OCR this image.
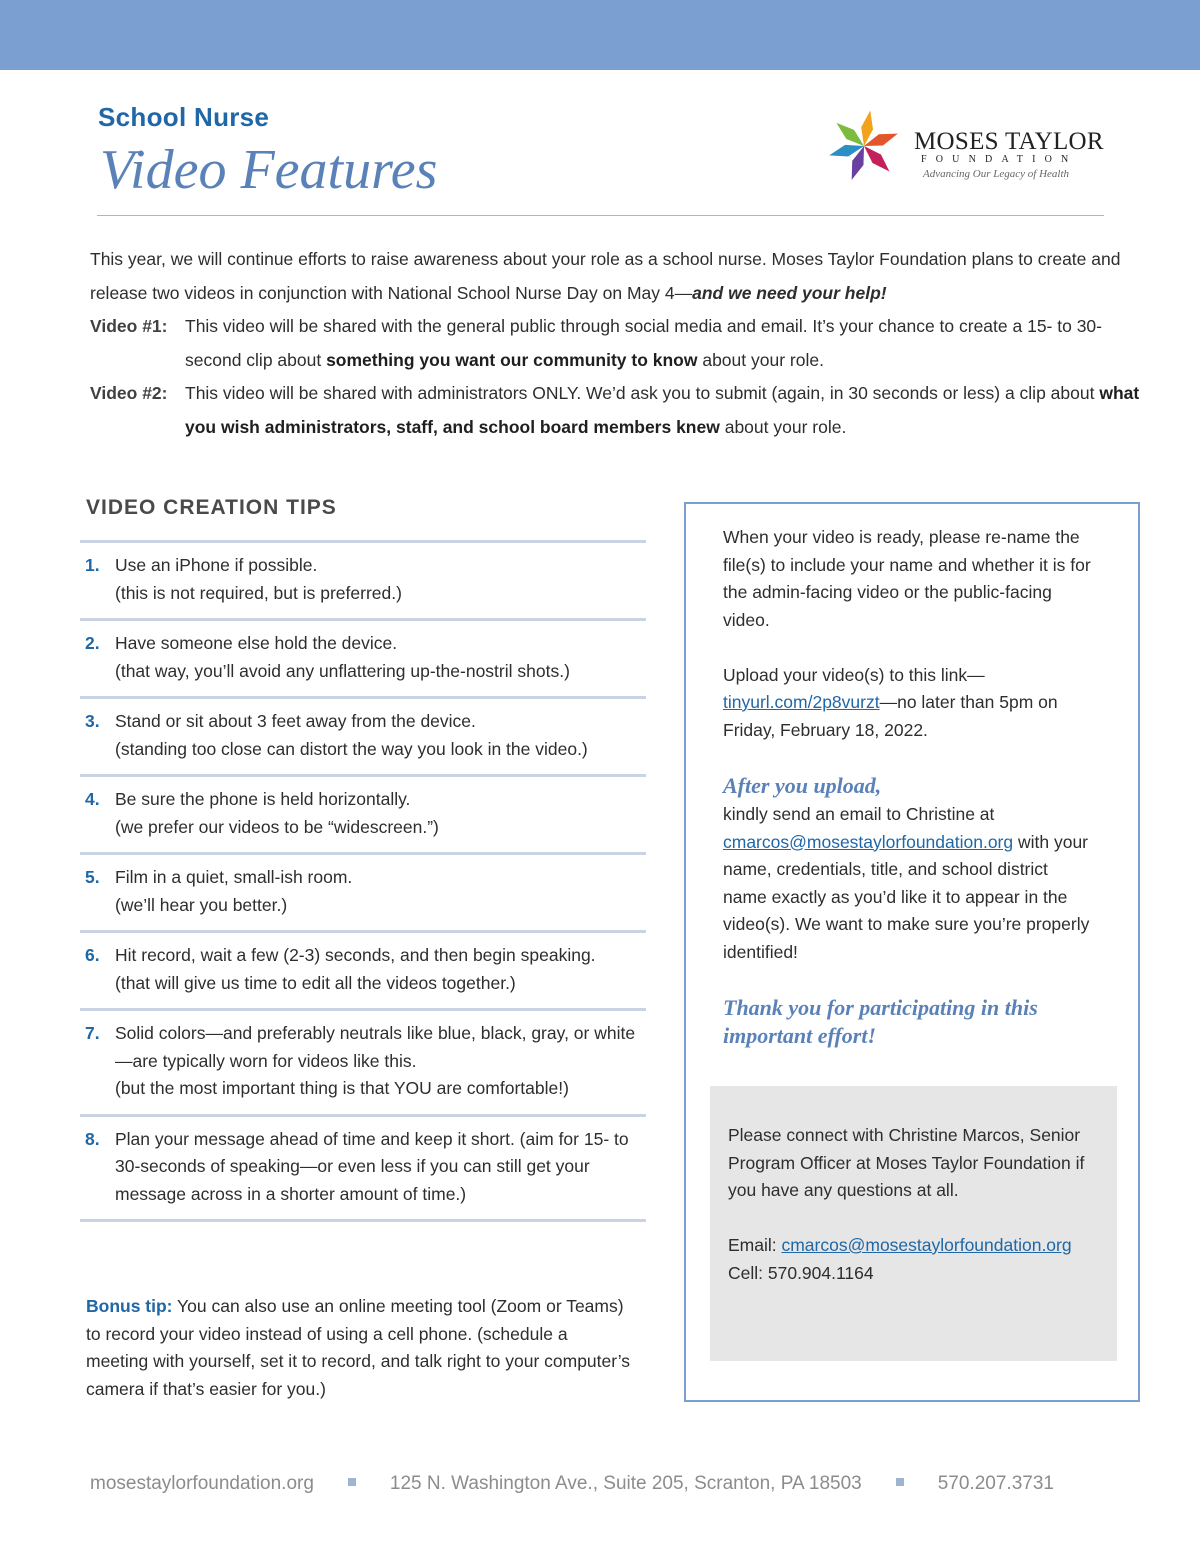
School Nurse
Video Features	MOSES TAYLOR
FOUNDATION
Advancing Our Legacy of Health

This year, we will continue efforts to raise awareness about your role as a school nurse. Moses Taylor Foundation plans to create and release two videos in conjunction with National School Nurse Day on May 4—and we need your help!

Video #1: This video will be shared with the general public through social media and email. It’s your chance to create a 15- to 30-second clip about something you want our community to know about your role.

Video #2: This video will be shared with administrators ONLY. We’d ask you to submit (again, in 30 seconds or less) a clip about what you wish administrators, staff, and school board members knew about your role.

VIDEO CREATION TIPS
1. Use an iPhone if possible.
(this is not required, but is preferred.)
2. Have someone else hold the device.
(that way, you’ll avoid any unflattering up-the-nostril shots.)
3. Stand or sit about 3 feet away from the device.
(standing too close can distort the way you look in the video.)
4. Be sure the phone is held horizontally.
(we prefer our videos to be “widescreen.”)
5. Film in a quiet, small-ish room.
(we’ll hear you better.)
6. Hit record, wait a few (2-3) seconds, and then begin speaking.
(that will give us time to edit all the videos together.)
7. Solid colors—and preferably neutrals like blue, black, gray, or white—are typically worn for videos like this.
(but the most important thing is that YOU are comfortable!)
8. Plan your message ahead of time and keep it short. (aim for 15- to 30-seconds of speaking—or even less if you can still get your message across in a shorter amount of time.)
Bonus tip: You can also use an online meeting tool (Zoom or Teams) to record your video instead of using a cell phone. (schedule a meeting with yourself, set it to record, and talk right to your computer’s camera if that’s easier for you.)

When your video is ready, please re-name the file(s) to include your name and whether it is for the admin-facing video or the public-facing video.

Upload your video(s) to this link—tinyurl.com/2p8vurzt—no later than 5pm on Friday, February 18, 2022.

After you upload,
kindly send an email to Christine at cmarcos@mosestaylorfoundation.org with your name, credentials, title, and school district name exactly as you’d like it to appear in the video(s). We want to make sure you’re properly identified!

Thank you for participating in this important effort!

Please connect with Christine Marcos, Senior Program Officer at Moses Taylor Foundation if you have any questions at all.

Email: cmarcos@mosestaylorfoundation.org
Cell: 570.904.1164
mosestaylorfoundation.org	125 N. Washington Ave., Suite 205, Scranton, PA 18503	570.207.3731
